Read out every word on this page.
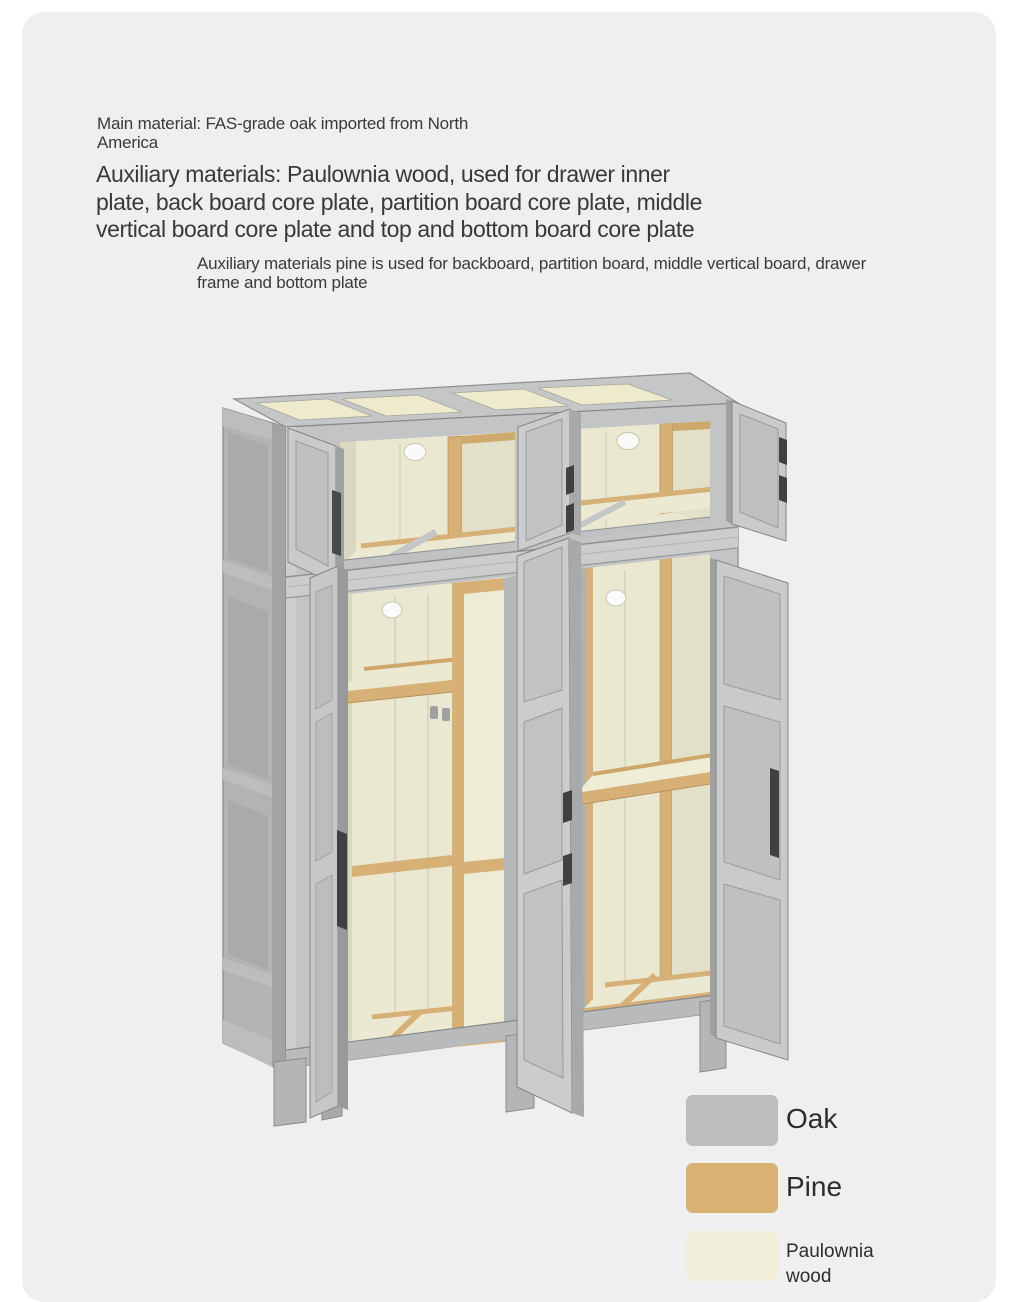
Main material: FAS-grade oak imported from North
America
Auxiliary materials: Paulownia wood, used for drawer inner
plate, back board core plate, partition board core plate, middle
vertical board core plate and top and bottom board core plate
Auxiliary materials pine is used for backboard, partition board, middle vertical board, drawer
frame and bottom plate
Oak
Pine
Paulownia
wood
